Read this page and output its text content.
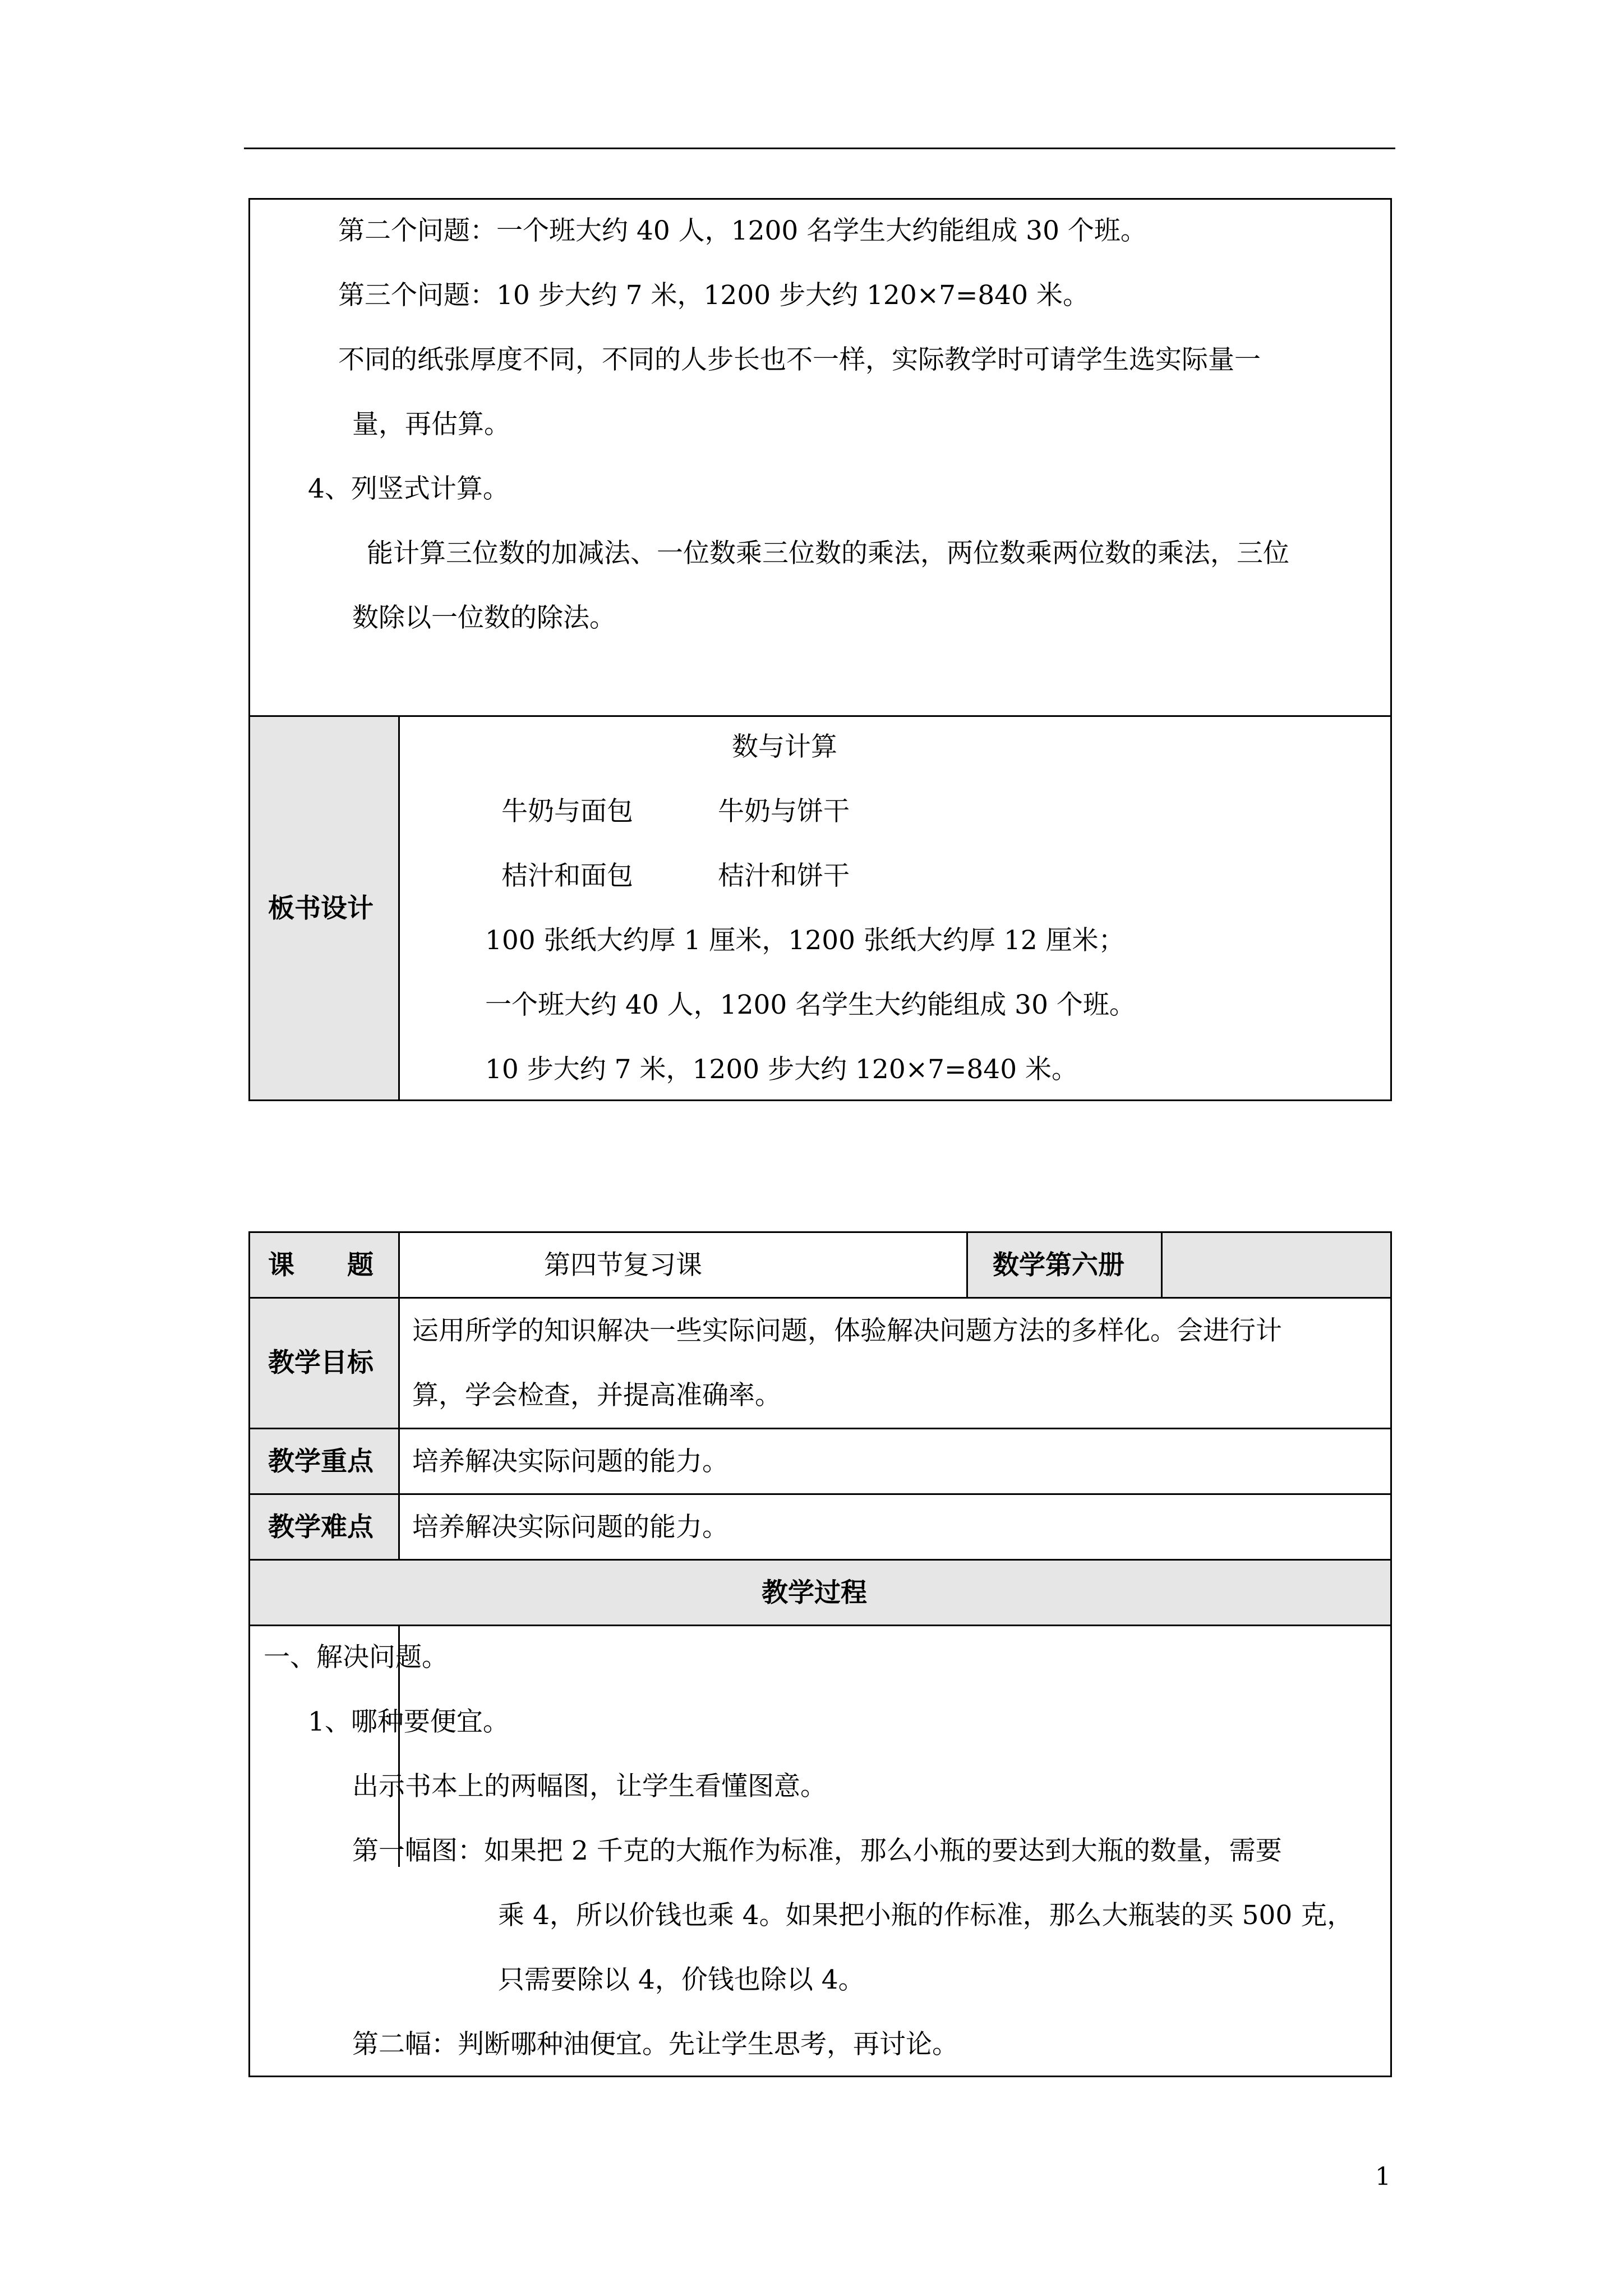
第二个问题：一个班大约 40 人，1200 名学生大约能组成 30 个班。
第三个问题：10 步大约 7 米，1200 步大约 120×7=840 米。
不同的纸张厚度不同，不同的人步长也不一样，实际教学时可请学生选实际量一
量，再估算。
4、列竖式计算。
能计算三位数的加减法、一位数乘三位数的乘法，两位数乘两位数的乘法，三位
数除以一位数的除法。
板书设计
数与计算
牛奶与面包	牛奶与饼干
桔汁和面包	桔汁和饼干
100 张纸大约厚 1 厘米，1200 张纸大约厚 12 厘米；
一个班大约 40 人，1200 名学生大约能组成 30 个班。
10 步大约 7 米，1200 步大约 120×7=840 米。
课　　题	第四节复习课	数学第六册
教学目标
运用所学的知识解决一些实际问题，体验解决问题方法的多样化。会进行计
算，学会检查，并提高准确率。
教学重点 培养解决实际问题的能力。
教学难点 培养解决实际问题的能力。
教学过程
一、解决问题。
1、哪种要便宜。
出示书本上的两幅图，让学生看懂图意。
第一幅图：如果把 2 千克的大瓶作为标准，那么小瓶的要达到大瓶的数量，需要
乘 4，所以价钱也乘 4。如果把小瓶的作标准，那么大瓶装的买 500 克，
只需要除以 4，价钱也除以 4。
第二幅：判断哪种油便宜。先让学生思考，再讨论。
1
